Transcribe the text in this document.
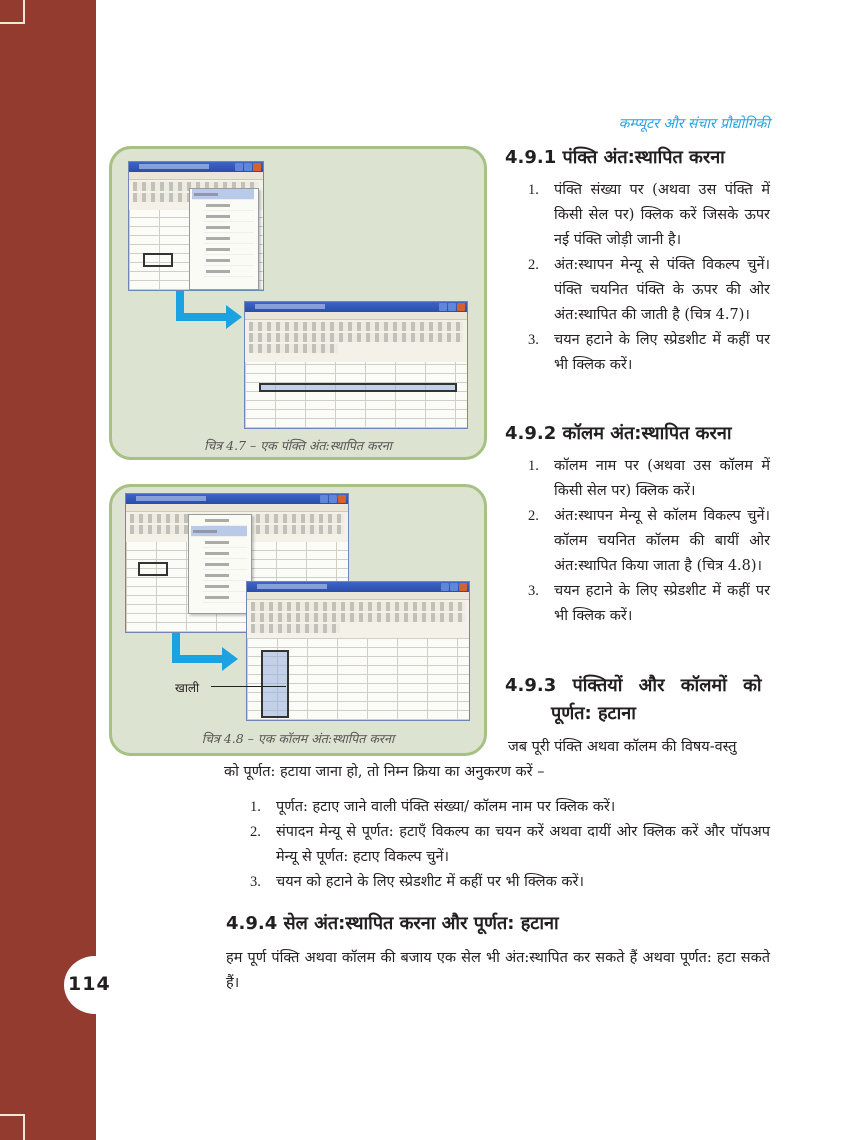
114
कम्प्यूटर और संचार प्रौद्योगिकी
चित्र 4.7 – एक पंक्ति अंत:स्थापित करना
चित्र 4.8 – एक कॉलम अंत:स्थापित करना
खाली
4.9.1 पंक्ति अंत:स्थापित करना
1. पंक्ति संख्या पर (अथवा उस पंक्ति में किसी सेल पर) क्लिक करें जिसके ऊपर नई पंक्ति जोड़ी जानी है।
2. अंत:स्थापन मेन्यू से पंक्ति विकल्प चुनें। पंक्ति चयनित पंक्ति के ऊपर की ओर अंत:स्थापित की जाती है (चित्र 4.7)।
3. चयन हटाने के लिए स्प्रेडशीट में कहीं पर भी क्लिक करें।
4.9.2 कॉलम अंत:स्थापित करना
1. कॉलम नाम पर (अथवा उस कॉलम में किसी सेल पर) क्लिक करें।
2. अंत:स्थापन मेन्यू से कॉलम विकल्प चुनें। कॉलम चयनित कॉलम की बायीं ओर अंत:स्थापित किया जाता है (चित्र 4.8)।
3. चयन हटाने के लिए स्प्रेडशीट में कहीं पर भी क्लिक करें।
4.9.3 पंक्तियों और कॉलमों को
पूर्णत: हटाना
जब पूरी पंक्ति अथवा कॉलम की विषय-वस्तु
को पूर्णत: हटाया जाना हो, तो निम्न क्रिया का अनुकरण करें –
1. पूर्णत: हटाए जाने वाली पंक्ति संख्या/ कॉलम नाम पर क्लिक करें।
2. संपादन मेन्यू से पूर्णत: हटाएँ विकल्प का चयन करें अथवा दायीं ओर क्लिक करें और पॉपअप मेन्यू से पूर्णत: हटाए विकल्प चुनें।
3. चयन को हटाने के लिए स्प्रेडशीट में कहीं पर भी क्लिक करें।
4.9.4 सेल अंत:स्थापित करना और पूर्णत: हटाना
हम पूर्ण पंक्ति अथवा कॉलम की बजाय एक सेल भी अंत:स्थापित कर सकते हैं अथवा पूर्णत: हटा सकते हैं।
